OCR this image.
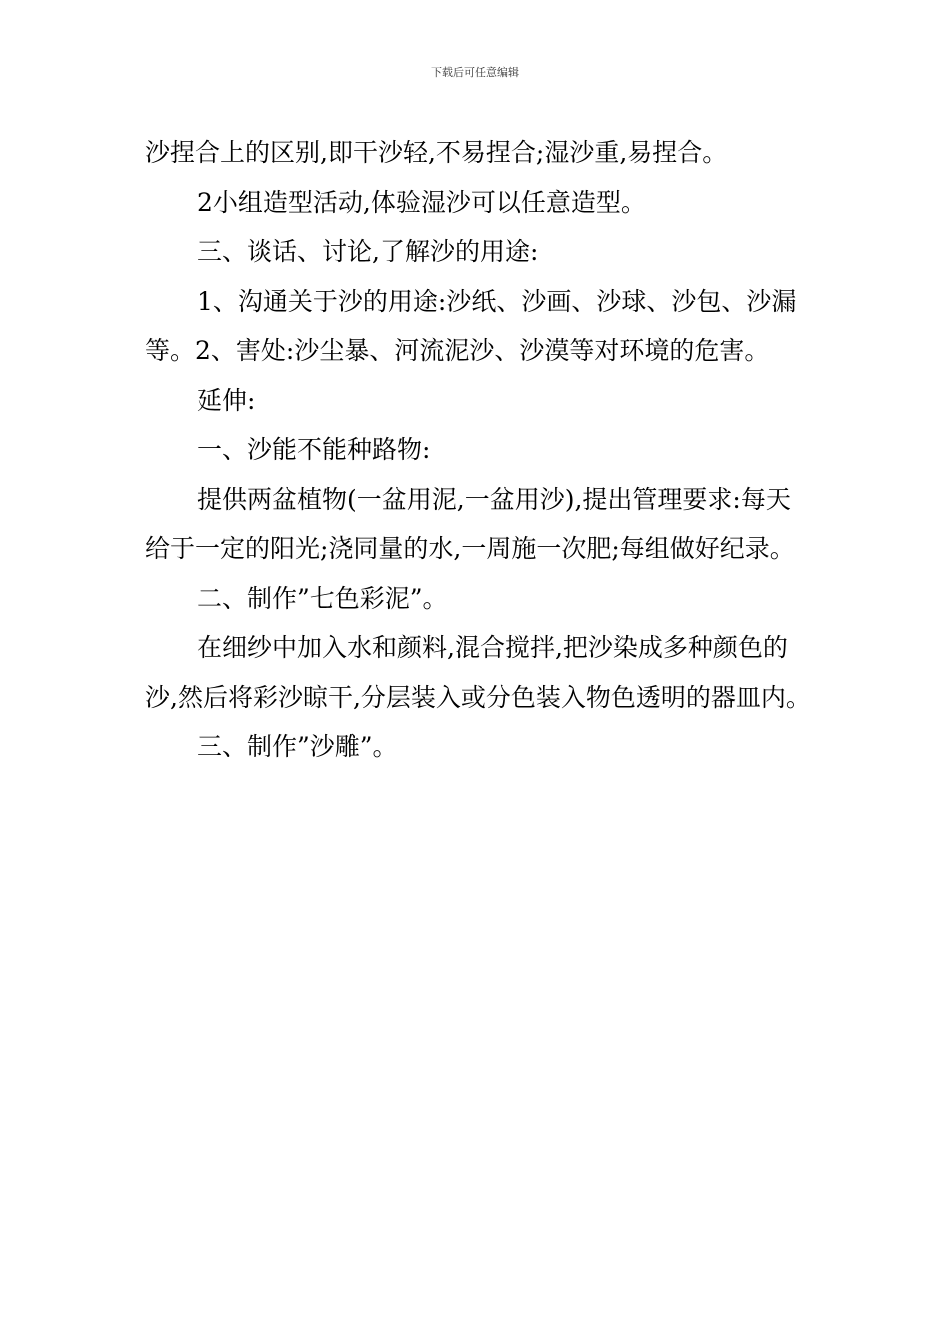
下载后可任意编辑

沙捏合上的区别,即干沙轻,不易捏合;湿沙重,易捏合。

2小组造型活动,体验湿沙可以任意造型。

三、谈话、讨论,了解沙的用途:

1、沟通关于沙的用途:沙纸、沙画、沙球、沙包、沙漏等。2、害处:沙尘暴、河流泥沙、沙漠等对环境的危害。

延伸:

一、沙能不能种路物:

提供两盆植物(一盆用泥,一盆用沙),提出管理要求:每天给于一定的阳光;浇同量的水,一周施一次肥;每组做好纪录。

二、制作”七色彩泥”。

在细纱中加入水和颜料,混合搅拌,把沙染成多种颜色的沙,然后将彩沙晾干,分层装入或分色装入物色透明的器皿内。

三、制作”沙雕”。
